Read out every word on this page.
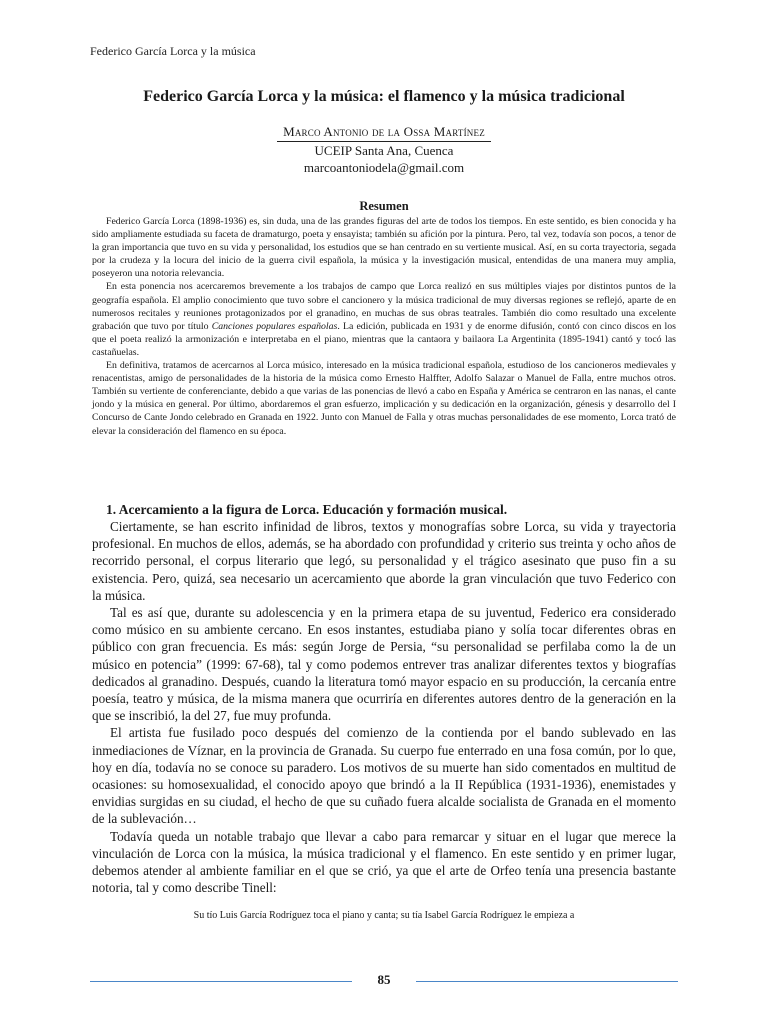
Federico García Lorca y la música
Federico García Lorca y la música: el flamenco y la música tradicional
Marco Antonio de la Ossa Martínez
UCEIP Santa Ana, Cuenca
marcoantoniodela@gmail.com
Resumen

Federico García Lorca (1898-1936) es, sin duda, una de las grandes figuras del arte de todos los tiempos. En este sentido, es bien conocida y ha sido ampliamente estudiada su faceta de dramaturgo, poeta y ensayista; también su afición por la pintura. Pero, tal vez, todavía son pocos, a tenor de la gran importancia que tuvo en su vida y personalidad, los estudios que se han centrado en su vertiente musical. Así, en su corta trayectoria, segada por la crudeza y la locura del inicio de la guerra civil española, la música y la investigación musical, entendidas de una manera muy amplia, poseyeron una notoria relevancia.

En esta ponencia nos acercaremos brevemente a los trabajos de campo que Lorca realizó en sus múltiples viajes por distintos puntos de la geografía española. El amplio conocimiento que tuvo sobre el cancionero y la música tradicional de muy diversas regiones se reflejó, aparte de en numerosos recitales y reuniones protagonizados por el granadino, en muchas de sus obras teatrales. También dio como resultado una excelente grabación que tuvo por título Canciones populares españolas. La edición, publicada en 1931 y de enorme difusión, contó con cinco discos en los que el poeta realizó la armonización e interpretaba en el piano, mientras que la cantaora y bailaora La Argentinita (1895-1941) cantó y tocó las castañuelas.

En definitiva, tratamos de acercarnos al Lorca músico, interesado en la música tradicional española, estudioso de los cancioneros medievales y renacentistas, amigo de personalidades de la historia de la música como Ernesto Halffter, Adolfo Salazar o Manuel de Falla, entre muchos otros. También su vertiente de conferenciante, debido a que varias de las ponencias de llevó a cabo en España y América se centraron en las nanas, el cante jondo y la música en general. Por último, abordaremos el gran esfuerzo, implicación y su dedicación en la organización, génesis y desarrollo del I Concurso de Cante Jondo celebrado en Granada en 1922. Junto con Manuel de Falla y otras muchas personalidades de ese momento, Lorca trató de elevar la consideración del flamenco en su época.

1. Acercamiento a la figura de Lorca. Educación y formación musical.

Ciertamente, se han escrito infinidad de libros, textos y monografías sobre Lorca, su vida y trayectoria profesional. En muchos de ellos, además, se ha abordado con profundidad y criterio sus treinta y ocho años de recorrido personal, el corpus literario que legó, su personalidad y el trágico asesinato que puso fin a su existencia. Pero, quizá, sea necesario un acercamiento que aborde la gran vinculación que tuvo Federico con la música.

Tal es así que, durante su adolescencia y en la primera etapa de su juventud, Federico era considerado como músico en su ambiente cercano. En esos instantes, estudiaba piano y solía tocar diferentes obras en público con gran frecuencia. Es más: según Jorge de Persia, “su personalidad se perfilaba como la de un músico en potencia” (1999: 67-68), tal y como podemos entrever tras analizar diferentes textos y biografías dedicados al granadino. Después, cuando la literatura tomó mayor espacio en su producción, la cercanía entre poesía, teatro y música, de la misma manera que ocurriría en diferentes autores dentro de la generación en la que se inscribió, la del 27, fue muy profunda.

El artista fue fusilado poco después del comienzo de la contienda por el bando sublevado en las inmediaciones de Víznar, en la provincia de Granada. Su cuerpo fue enterrado en una fosa común, por lo que, hoy en día, todavía no se conoce su paradero. Los motivos de su muerte han sido comentados en multitud de ocasiones: su homosexualidad, el conocido apoyo que brindó a la II República (1931-1936), enemistades y envidias surgidas en su ciudad, el hecho de que su cuñado fuera alcalde socialista de Granada en el momento de la sublevación…

Todavía queda un notable trabajo que llevar a cabo para remarcar y situar en el lugar que merece la vinculación de Lorca con la música, la música tradicional y el flamenco. En este sentido y en primer lugar, debemos atender al ambiente familiar en el que se crió, ya que el arte de Orfeo tenía una presencia bastante notoria, tal y como describe Tinell:

Su tío Luis García Rodríguez toca el piano y canta; su tía Isabel García Rodríguez le empieza a
85
